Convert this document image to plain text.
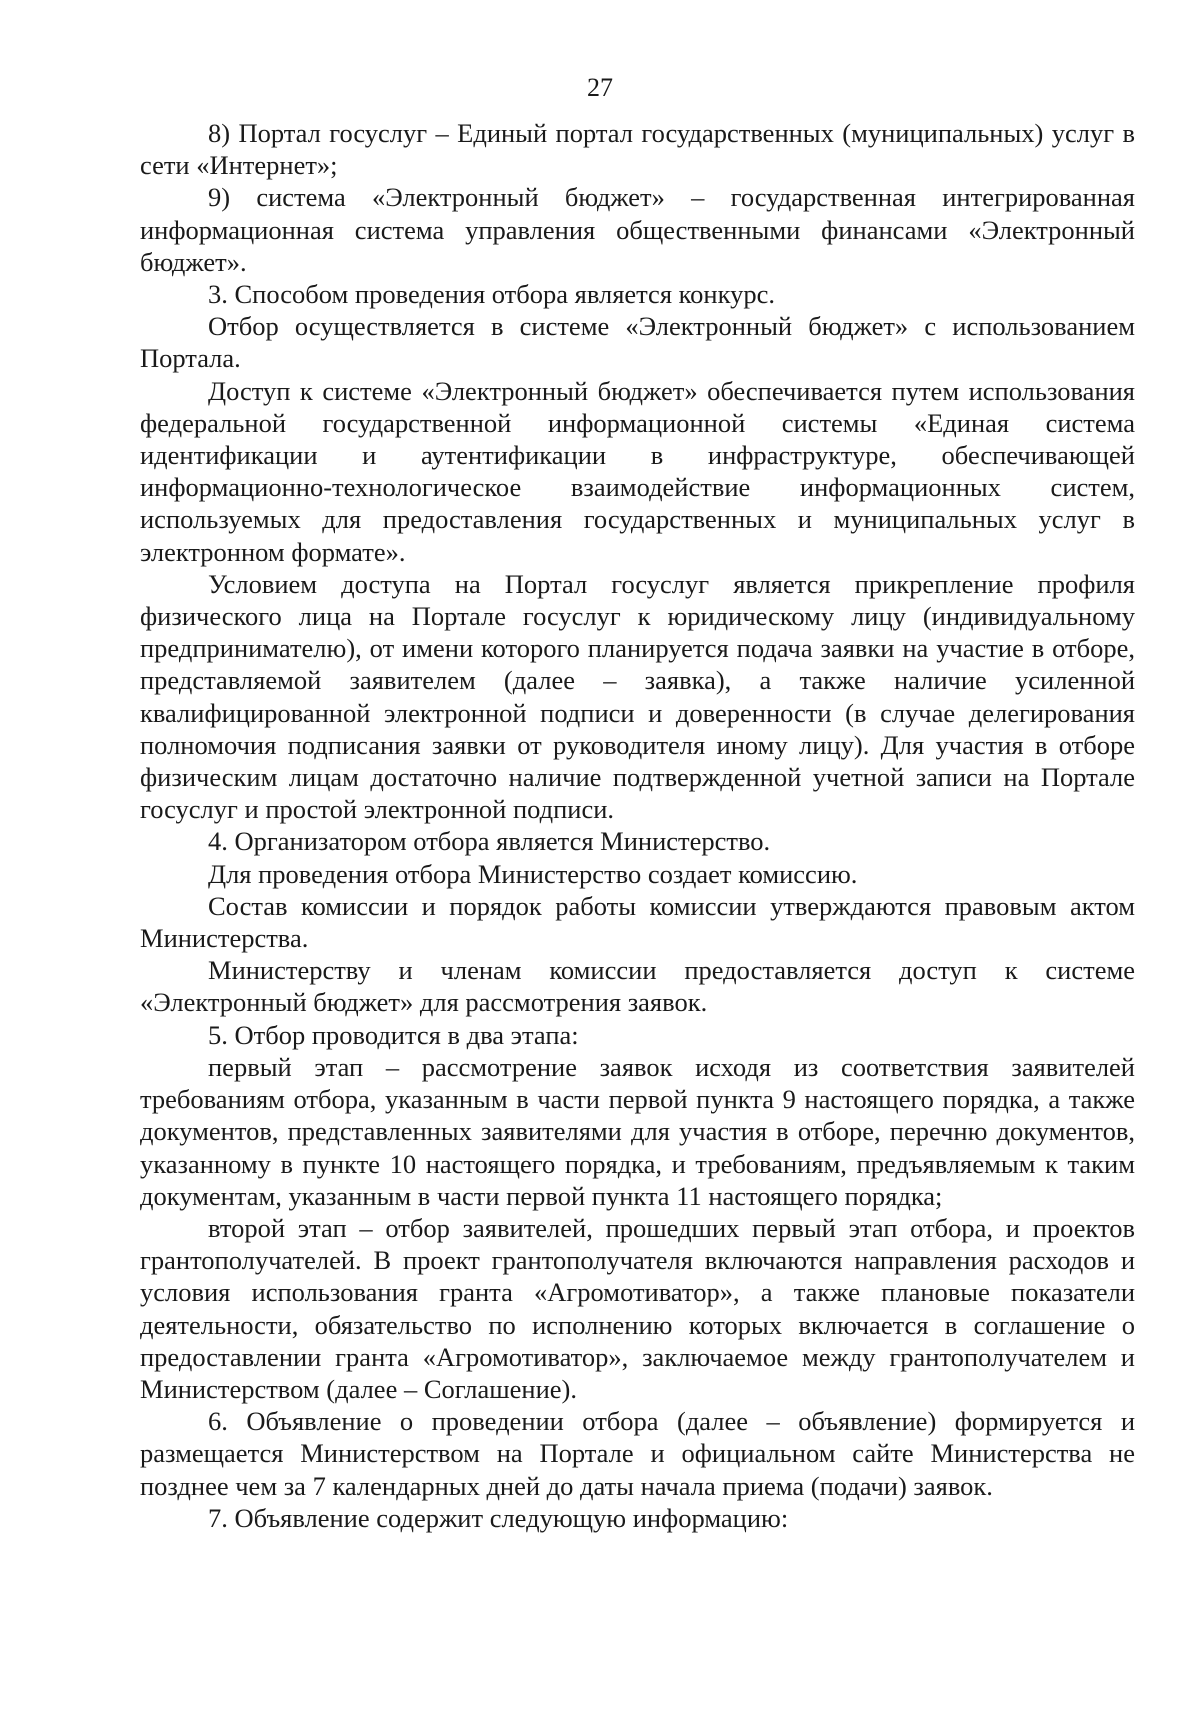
27

8) Портал госуслуг – Единый портал государственных (муниципальных) услуг в сети «Интернет»;

9) система «Электронный бюджет» – государственная интегрированная информационная система управления общественными финансами «Электронный бюджет».

3. Способом проведения отбора является конкурс.

Отбор осуществляется в системе «Электронный бюджет» с использованием Портала.

Доступ к системе «Электронный бюджет» обеспечивается путем использования федеральной государственной информационной системы «Единая система идентификации и аутентификации в инфраструктуре, обеспечивающей информационно-технологическое взаимодействие информационных систем, используемых для предоставления государственных и муниципальных услуг в электронном формате».

Условием доступа на Портал госуслуг является прикрепление профиля физического лица на Портале госуслуг к юридическому лицу (индивидуальному предпринимателю), от имени которого планируется подача заявки на участие в отборе, представляемой заявителем (далее – заявка), а также наличие усиленной квалифицированной электронной подписи и доверенности (в случае делегирования полномочия подписания заявки от руководителя иному лицу). Для участия в отборе физическим лицам достаточно наличие подтвержденной учетной записи на Портале госуслуг и простой электронной подписи.

4. Организатором отбора является Министерство.

Для проведения отбора Министерство создает комиссию.

Состав комиссии и порядок работы комиссии утверждаются правовым актом Министерства.

Министерству и членам комиссии предоставляется доступ к системе «Электронный бюджет» для рассмотрения заявок.

5. Отбор проводится в два этапа:

первый этап – рассмотрение заявок исходя из соответствия заявителей требованиям отбора, указанным в части первой пункта 9 настоящего порядка, а также документов, представленных заявителями для участия в отборе, перечню документов, указанному в пункте 10 настоящего порядка, и требованиям, предъявляемым к таким документам, указанным в части первой пункта 11 настоящего порядка;

второй этап – отбор заявителей, прошедших первый этап отбора, и проектов грантополучателей. В проект грантополучателя включаются направления расходов и условия использования гранта «Агромотиватор», а также плановые показатели деятельности, обязательство по исполнению которых включается в соглашение о предоставлении гранта «Агромотиватор», заключаемое между грантополучателем и Министерством (далее – Соглашение).

6. Объявление о проведении отбора (далее – объявление) формируется и размещается Министерством на Портале и официальном сайте Министерства не позднее чем за 7 календарных дней до даты начала приема (подачи) заявок.

7. Объявление содержит следующую информацию:
